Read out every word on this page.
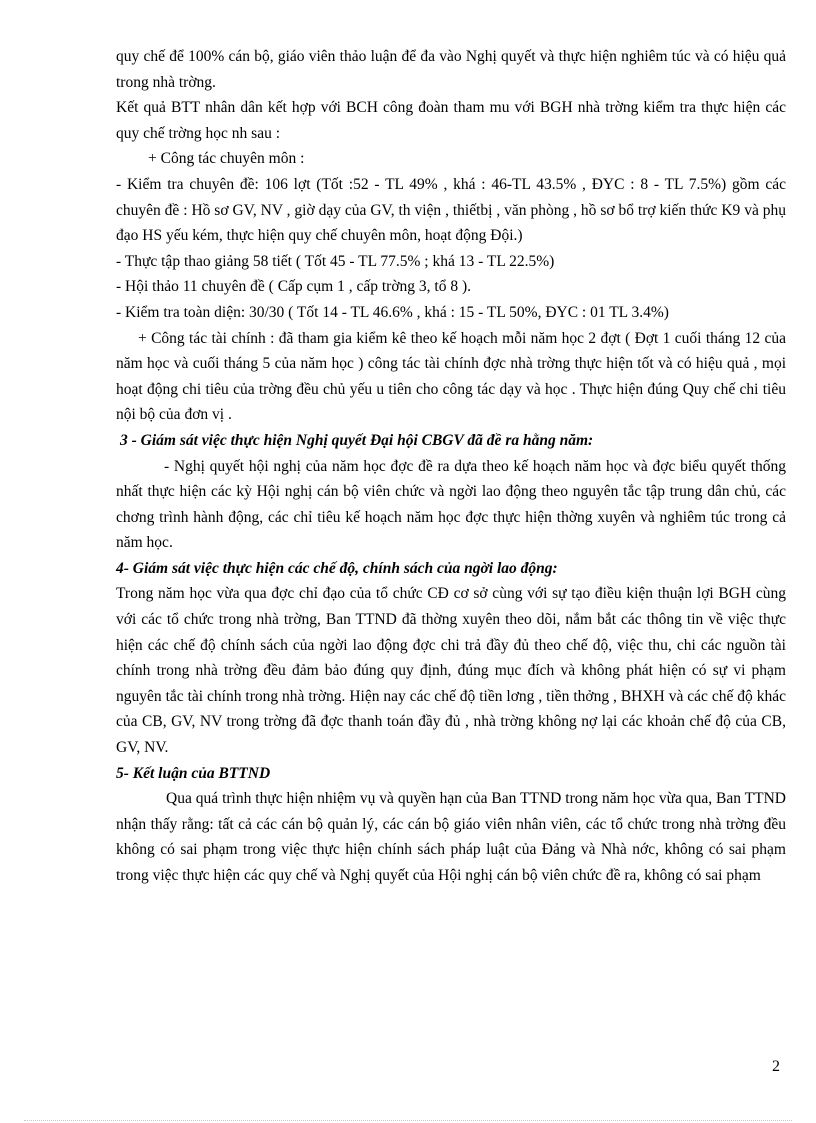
quy chế để 100% cán bộ, giáo viên thảo luận để đa vào Nghị quyết và thực hiện nghiêm túc và có hiệu quả trong nhà trờng.

Kết quả BTT nhân dân kết hợp với BCH công đoàn tham mu với BGH nhà trờng kiểm tra thực hiện các quy chế trờng học nh sau :

+ Công tác chuyên môn :

- Kiểm tra chuyên đề: 106 lợt (Tốt :52 - TL 49% , khá : 46-TL 43.5% , ĐYC : 8 - TL 7.5%) gồm các chuyên đề : Hồ sơ GV, NV , giờ dạy của GV, th viện , thiếtbị , văn phòng , hồ sơ bổ trợ kiến thức K9 và phụ đạo HS yếu kém, thực hiện quy chế chuyên môn, hoạt động Đội.)

- Thực tập thao giảng 58 tiết ( Tốt 45 - TL 77.5% ; khá 13 - TL 22.5%)

- Hội thảo 11 chuyên đề ( Cấp cụm 1 , cấp trờng 3, tổ 8 ).

- Kiểm tra toàn diện: 30/30 ( Tốt 14 - TL 46.6% , khá : 15 - TL 50%, ĐYC : 01 TL 3.4%)

+ Công tác tài chính : đã tham gia kiểm kê theo kế hoạch mỗi năm học 2 đợt ( Đợt 1 cuối tháng 12 của năm học và cuối tháng 5 của năm học ) công tác tài chính đợc nhà trờng thực hiện tốt và có hiệu quả , mọi hoạt động chi tiêu của trờng đều chủ yếu u tiên cho công tác dạy và học . Thực hiện đúng Quy chế chi tiêu nội bộ của đơn vị .

3 - Giám sát việc thực hiện Nghị quyết Đại hội CBGV đã đề ra hằng năm:

- Nghị quyết hội nghị của năm học đợc đề ra dựa theo kế hoạch năm học và đợc biểu quyết thống nhất thực hiện các kỳ Hội nghị cán bộ viên chức và ngời lao động theo nguyên tắc tập trung dân chủ, các chơng trình hành động, các chỉ tiêu kế hoạch năm học đợc thực hiện thờng xuyên và nghiêm túc trong cả năm học.

4- Giám sát việc thực hiện các chế độ, chính sách của ngời lao động:

Trong năm học vừa qua đợc chỉ đạo của tổ chức CĐ cơ sở cùng với sự tạo điều kiện thuận lợi BGH cùng với các tổ chức trong nhà trờng, Ban TTND đã thờng xuyên theo dõi, nắm bắt các thông tin về việc thực hiện các chế độ chính sách của ngời lao động đợc chi trả đầy đủ theo chế độ, việc thu, chi các nguồn tài chính trong nhà trờng đều đảm bảo đúng quy định, đúng mục đích và không phát hiện có sự vi phạm nguyên tắc tài chính trong nhà trờng. Hiện nay các chế độ tiền lơng , tiền thởng , BHXH và các chế độ khác của CB, GV, NV trong trờng đã đợc thanh toán đầy đủ , nhà trờng không nợ lại các khoản chế độ của CB, GV, NV.

5- Kết luận của BTTND

Qua quá trình thực hiện nhiệm vụ và quyền hạn của Ban TTND trong năm học vừa qua, Ban TTND nhận thấy rằng: tất cả các cán bộ quản lý, các cán bộ giáo viên nhân viên, các tổ chức trong nhà trờng đều không có sai phạm trong việc thực hiện chính sách pháp luật của Đảng và Nhà nớc, không có sai phạm trong việc thực hiện các quy chế và Nghị quyết của Hội nghị cán bộ viên chức đề ra, không có sai phạm

2
